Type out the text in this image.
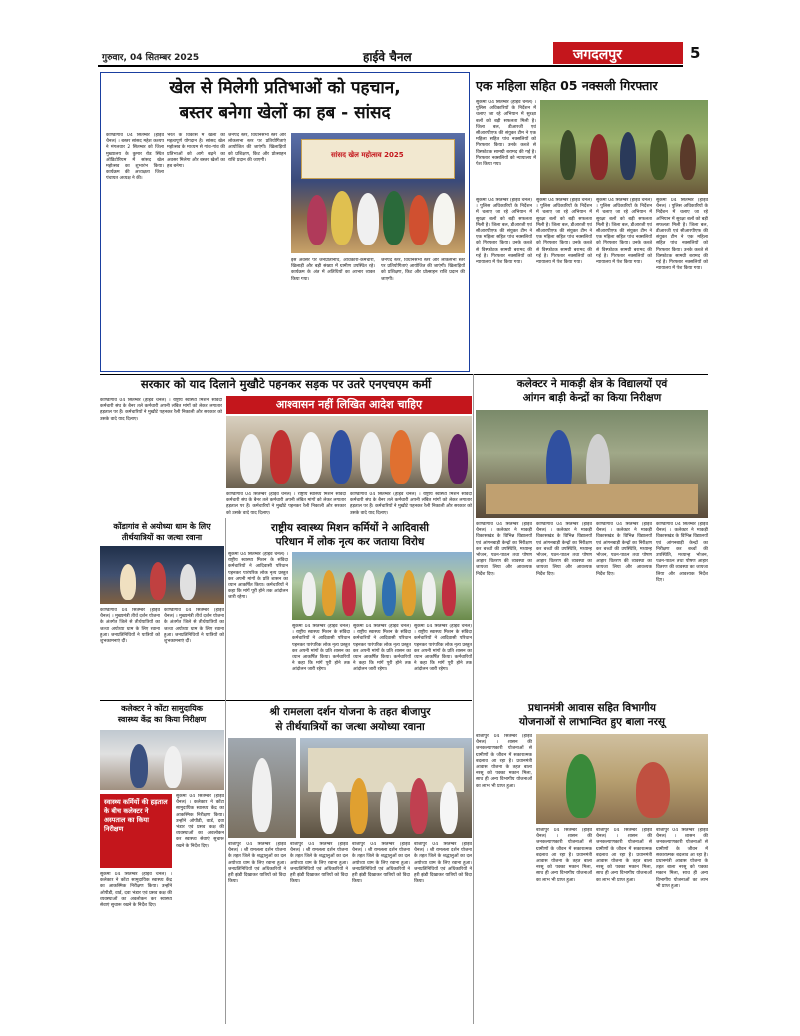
गुरुवार, 04 सितम्बर 2025	हाईवे चैनल	जगदलपुर	5
खेल से मिलेगी प्रतिभाओं को पहचान,
बस्तर बनेगा खेलों का हब - सांसद
कोण्डागांव 04 सितम्बर (हाईवे चैनल) । बस्तर सांसद महेश कश्यप ने मंगलवार 2 सितम्बर को जिला मुख्यालय के कुमार रोड स्थित ऑडिटोरियम में सांसद खेल महोत्सव का शुभारंभ किया। कार्यक्रम की अध्यक्षता जिला पंचायत अध्यक्ष ने की।
भरत के विकास में खेलों का महत्वपूर्ण योगदान है। सांसद खेल महोत्सव के माध्यम से गांव-गांव की प्रतिभाओं को आगे बढ़ने का अवसर मिलेगा और बस्तर खेलों का हब बनेगा।
जनपद स्तर, विधानसभा स्तर और लोकसभा स्तर पर प्रतियोगिताएं आयोजित की जाएंगी। खिलाड़ियों को प्रशिक्षण, किट और प्रोत्साहन राशि प्रदान की जाएगी।
सांसद खेल महोत्सव 2025
इस अवसर पर जनप्रतिनिधि, अधिकारी-कर्मचारी, खिलाड़ी और बड़ी संख्या में ग्रामीण उपस्थित रहे। कार्यक्रम के अंत में अतिथियों का आभार व्यक्त किया गया।
जनपद स्तर, विधानसभा स्तर और लोकसभा स्तर पर प्रतियोगिताएं आयोजित की जाएंगी। खिलाड़ियों को प्रशिक्षण, किट और प्रोत्साहन राशि प्रदान की जाएगी।
एक महिला सहित 05 नक्सली गिरफ्तार
सुकमा 04 सितम्बर (हाईवे चैनल) । पुलिस अधिकारियों के निर्देशन में चलाए जा रहे अभियान में सुरक्षा बलों को बड़ी सफलता मिली है। जिला बल, डीआरजी एवं सीआरपीएफ की संयुक्त टीम ने एक महिला सहित पांच नक्सलियों को गिरफ्तार किया। उनके कब्जे से विस्फोटक सामग्री बरामद की गई है। गिरफ्तार नक्सलियों को न्यायालय में पेश किया गया।
सुकमा 04 सितम्बर (हाईवे चैनल) । पुलिस अधिकारियों के निर्देशन में चलाए जा रहे अभियान में सुरक्षा बलों को बड़ी सफलता मिली है। जिला बल, डीआरजी एवं सीआरपीएफ की संयुक्त टीम ने एक महिला सहित पांच नक्सलियों को गिरफ्तार किया। उनके कब्जे से विस्फोटक सामग्री बरामद की गई है। गिरफ्तार नक्सलियों को न्यायालय में पेश किया गया।
सुकमा 04 सितम्बर (हाईवे चैनल) । पुलिस अधिकारियों के निर्देशन में चलाए जा रहे अभियान में सुरक्षा बलों को बड़ी सफलता मिली है। जिला बल, डीआरजी एवं सीआरपीएफ की संयुक्त टीम ने एक महिला सहित पांच नक्सलियों को गिरफ्तार किया। उनके कब्जे से विस्फोटक सामग्री बरामद की गई है। गिरफ्तार नक्सलियों को न्यायालय में पेश किया गया।
सुकमा 04 सितम्बर (हाईवे चैनल) । पुलिस अधिकारियों के निर्देशन में चलाए जा रहे अभियान में सुरक्षा बलों को बड़ी सफलता मिली है। जिला बल, डीआरजी एवं सीआरपीएफ की संयुक्त टीम ने एक महिला सहित पांच नक्सलियों को गिरफ्तार किया। उनके कब्जे से विस्फोटक सामग्री बरामद की गई है। गिरफ्तार नक्सलियों को न्यायालय में पेश किया गया।
सुकमा 04 सितम्बर (हाईवे चैनल) । पुलिस अधिकारियों के निर्देशन में चलाए जा रहे अभियान में सुरक्षा बलों को बड़ी सफलता मिली है। जिला बल, डीआरजी एवं सीआरपीएफ की संयुक्त टीम ने एक महिला सहित पांच नक्सलियों को गिरफ्तार किया। उनके कब्जे से विस्फोटक सामग्री बरामद की गई है। गिरफ्तार नक्सलियों को न्यायालय में पेश किया गया।
सरकार को याद दिलाने मुखौटे पहनकर सड़क पर उतरे एनएचएम कर्मी
आश्वासन नहीं लिखित आदेश चाहिए
कोण्डागांव 04 सितम्बर (हाईवे चैनल) । राष्ट्रीय स्वास्थ्य मिशन संविदा कर्मचारी संघ के बैनर तले कर्मचारी अपनी लंबित मांगों को लेकर लगातार हड़ताल पर हैं। कर्मचारियों ने मुखौटे पहनकर रैली निकाली और सरकार को उसके वादे याद दिलाए।
कोण्डागांव 04 सितम्बर (हाईवे चैनल) । राष्ट्रीय स्वास्थ्य मिशन संविदा कर्मचारी संघ के बैनर तले कर्मचारी अपनी लंबित मांगों को लेकर लगातार हड़ताल पर हैं। कर्मचारियों ने मुखौटे पहनकर रैली निकाली और सरकार को उसके वादे याद दिलाए।
कोण्डागांव 04 सितम्बर (हाईवे चैनल) । राष्ट्रीय स्वास्थ्य मिशन संविदा कर्मचारी संघ के बैनर तले कर्मचारी अपनी लंबित मांगों को लेकर लगातार हड़ताल पर हैं। कर्मचारियों ने मुखौटे पहनकर रैली निकाली और सरकार को उसके वादे याद दिलाए।
कलेक्टर ने माकड़ी क्षेत्र के विद्यालयों एवं
आंगन बाड़ी केन्द्रों का किया निरीक्षण
कोण्डागांव 04 सितम्बर (हाईवे चैनल) । कलेक्टर ने माकड़ी विकासखंड के विभिन्न विद्यालयों एवं आंगनबाड़ी केन्द्रों का निरीक्षण कर बच्चों की उपस्थिति, मध्यान्ह भोजन, पठन-पाठन तथा पोषण आहार वितरण की व्यवस्था का जायजा लिया और आवश्यक निर्देश दिए।
कोण्डागांव 04 सितम्बर (हाईवे चैनल) । कलेक्टर ने माकड़ी विकासखंड के विभिन्न विद्यालयों एवं आंगनबाड़ी केन्द्रों का निरीक्षण कर बच्चों की उपस्थिति, मध्यान्ह भोजन, पठन-पाठन तथा पोषण आहार वितरण की व्यवस्था का जायजा लिया और आवश्यक निर्देश दिए।
कोण्डागांव 04 सितम्बर (हाईवे चैनल) । कलेक्टर ने माकड़ी विकासखंड के विभिन्न विद्यालयों एवं आंगनबाड़ी केन्द्रों का निरीक्षण कर बच्चों की उपस्थिति, मध्यान्ह भोजन, पठन-पाठन तथा पोषण आहार वितरण की व्यवस्था का जायजा लिया और आवश्यक निर्देश दिए।
कोण्डागांव 04 सितम्बर (हाईवे चैनल) । कलेक्टर ने माकड़ी विकासखंड के विभिन्न विद्यालयों एवं आंगनबाड़ी केन्द्रों का निरीक्षण कर बच्चों की उपस्थिति, मध्यान्ह भोजन, पठन-पाठन तथा पोषण आहार वितरण की व्यवस्था का जायजा लिया और आवश्यक निर्देश दिए।
कोंडागांव से अयोध्या धाम के लिए
तीर्थयात्रियों का जत्था रवाना
कोण्डागांव 04 सितम्बर (हाईवे चैनल) । मुख्यमंत्री तीर्थ दर्शन योजना के अंतर्गत जिले से तीर्थयात्रियों का जत्था अयोध्या धाम के लिए रवाना हुआ। जनप्रतिनिधियों ने यात्रियों को शुभकामनाएं दीं।
कोण्डागांव 04 सितम्बर (हाईवे चैनल) । मुख्यमंत्री तीर्थ दर्शन योजना के अंतर्गत जिले से तीर्थयात्रियों का जत्था अयोध्या धाम के लिए रवाना हुआ। जनप्रतिनिधियों ने यात्रियों को शुभकामनाएं दीं।
राष्ट्रीय स्वास्थ्य मिशन कर्मियों ने आदिवासी
परिधान में लोक नृत्य कर जताया विरोध
सुकमा 04 सितम्बर (हाईवे चैनल) । राष्ट्रीय स्वास्थ्य मिशन के संविदा कर्मचारियों ने आदिवासी परिधान पहनकर पारंपरिक लोक नृत्य प्रस्तुत कर अपनी मांगों के प्रति शासन का ध्यान आकर्षित किया। कर्मचारियों ने कहा कि मांगें पूरी होने तक आंदोलन जारी रहेगा।
सुकमा 04 सितम्बर (हाईवे चैनल) । राष्ट्रीय स्वास्थ्य मिशन के संविदा कर्मचारियों ने आदिवासी परिधान पहनकर पारंपरिक लोक नृत्य प्रस्तुत कर अपनी मांगों के प्रति शासन का ध्यान आकर्षित किया। कर्मचारियों ने कहा कि मांगें पूरी होने तक आंदोलन जारी रहेगा।
सुकमा 04 सितम्बर (हाईवे चैनल) । राष्ट्रीय स्वास्थ्य मिशन के संविदा कर्मचारियों ने आदिवासी परिधान पहनकर पारंपरिक लोक नृत्य प्रस्तुत कर अपनी मांगों के प्रति शासन का ध्यान आकर्षित किया। कर्मचारियों ने कहा कि मांगें पूरी होने तक आंदोलन जारी रहेगा।
सुकमा 04 सितम्बर (हाईवे चैनल) । राष्ट्रीय स्वास्थ्य मिशन के संविदा कर्मचारियों ने आदिवासी परिधान पहनकर पारंपरिक लोक नृत्य प्रस्तुत कर अपनी मांगों के प्रति शासन का ध्यान आकर्षित किया। कर्मचारियों ने कहा कि मांगें पूरी होने तक आंदोलन जारी रहेगा।
कलेक्टर ने कोंटा सामुदायिक
स्वास्थ्य केंद्र का किया निरीक्षण
स्वास्थ्य कर्मियों की हड़ताल के बीच कलेक्टर ने अस्पताल का किया निरीक्षण
सुकमा 04 सितम्बर (हाईवे चैनल) । कलेक्टर ने कोंटा सामुदायिक स्वास्थ्य केंद्र का आकस्मिक निरीक्षण किया। उन्होंने ओपीडी, वार्ड, दवा भंडार एवं प्रसव कक्ष की व्यवस्थाओं का अवलोकन कर स्वास्थ्य सेवाएं सुचारू रखने के निर्देश दिए।
सुकमा 04 सितम्बर (हाईवे चैनल) । कलेक्टर ने कोंटा सामुदायिक स्वास्थ्य केंद्र का आकस्मिक निरीक्षण किया। उन्होंने ओपीडी, वार्ड, दवा भंडार एवं प्रसव कक्ष की व्यवस्थाओं का अवलोकन कर स्वास्थ्य सेवाएं सुचारू रखने के निर्देश दिए।
श्री रामलला दर्शन योजना के तहत बीजापुर
से तीर्थयात्रियों का जत्था अयोध्या रवाना
बीजापुर 04 सितम्बर (हाईवे चैनल) । श्री रामलला दर्शन योजना के तहत जिले के श्रद्धालुओं का दल अयोध्या धाम के लिए रवाना हुआ। जनप्रतिनिधियों एवं अधिकारियों ने हरी झंडी दिखाकर यात्रियों को विदा किया।
बीजापुर 04 सितम्बर (हाईवे चैनल) । श्री रामलला दर्शन योजना के तहत जिले के श्रद्धालुओं का दल अयोध्या धाम के लिए रवाना हुआ। जनप्रतिनिधियों एवं अधिकारियों ने हरी झंडी दिखाकर यात्रियों को विदा किया।
बीजापुर 04 सितम्बर (हाईवे चैनल) । श्री रामलला दर्शन योजना के तहत जिले के श्रद्धालुओं का दल अयोध्या धाम के लिए रवाना हुआ। जनप्रतिनिधियों एवं अधिकारियों ने हरी झंडी दिखाकर यात्रियों को विदा किया।
बीजापुर 04 सितम्बर (हाईवे चैनल) । श्री रामलला दर्शन योजना के तहत जिले के श्रद्धालुओं का दल अयोध्या धाम के लिए रवाना हुआ। जनप्रतिनिधियों एवं अधिकारियों ने हरी झंडी दिखाकर यात्रियों को विदा किया।
प्रधानमंत्री आवास सहित विभागीय
योजनाओं से लाभान्वित हुए बाला नरसू
बीजापुर 04 सितम्बर (हाईवे चैनल) । शासन की जनकल्याणकारी योजनाओं से ग्रामीणों के जीवन में सकारात्मक बदलाव आ रहा है। प्रधानमंत्री आवास योजना के तहत बाला नरसू को पक्का मकान मिला, साथ ही अन्य विभागीय योजनाओं का लाभ भी प्राप्त हुआ।
बीजापुर 04 सितम्बर (हाईवे चैनल) । शासन की जनकल्याणकारी योजनाओं से ग्रामीणों के जीवन में सकारात्मक बदलाव आ रहा है। प्रधानमंत्री आवास योजना के तहत बाला नरसू को पक्का मकान मिला, साथ ही अन्य विभागीय योजनाओं का लाभ भी प्राप्त हुआ।
बीजापुर 04 सितम्बर (हाईवे चैनल) । शासन की जनकल्याणकारी योजनाओं से ग्रामीणों के जीवन में सकारात्मक बदलाव आ रहा है। प्रधानमंत्री आवास योजना के तहत बाला नरसू को पक्का मकान मिला, साथ ही अन्य विभागीय योजनाओं का लाभ भी प्राप्त हुआ।
बीजापुर 04 सितम्बर (हाईवे चैनल) । शासन की जनकल्याणकारी योजनाओं से ग्रामीणों के जीवन में सकारात्मक बदलाव आ रहा है। प्रधानमंत्री आवास योजना के तहत बाला नरसू को पक्का मकान मिला, साथ ही अन्य विभागीय योजनाओं का लाभ भी प्राप्त हुआ।
